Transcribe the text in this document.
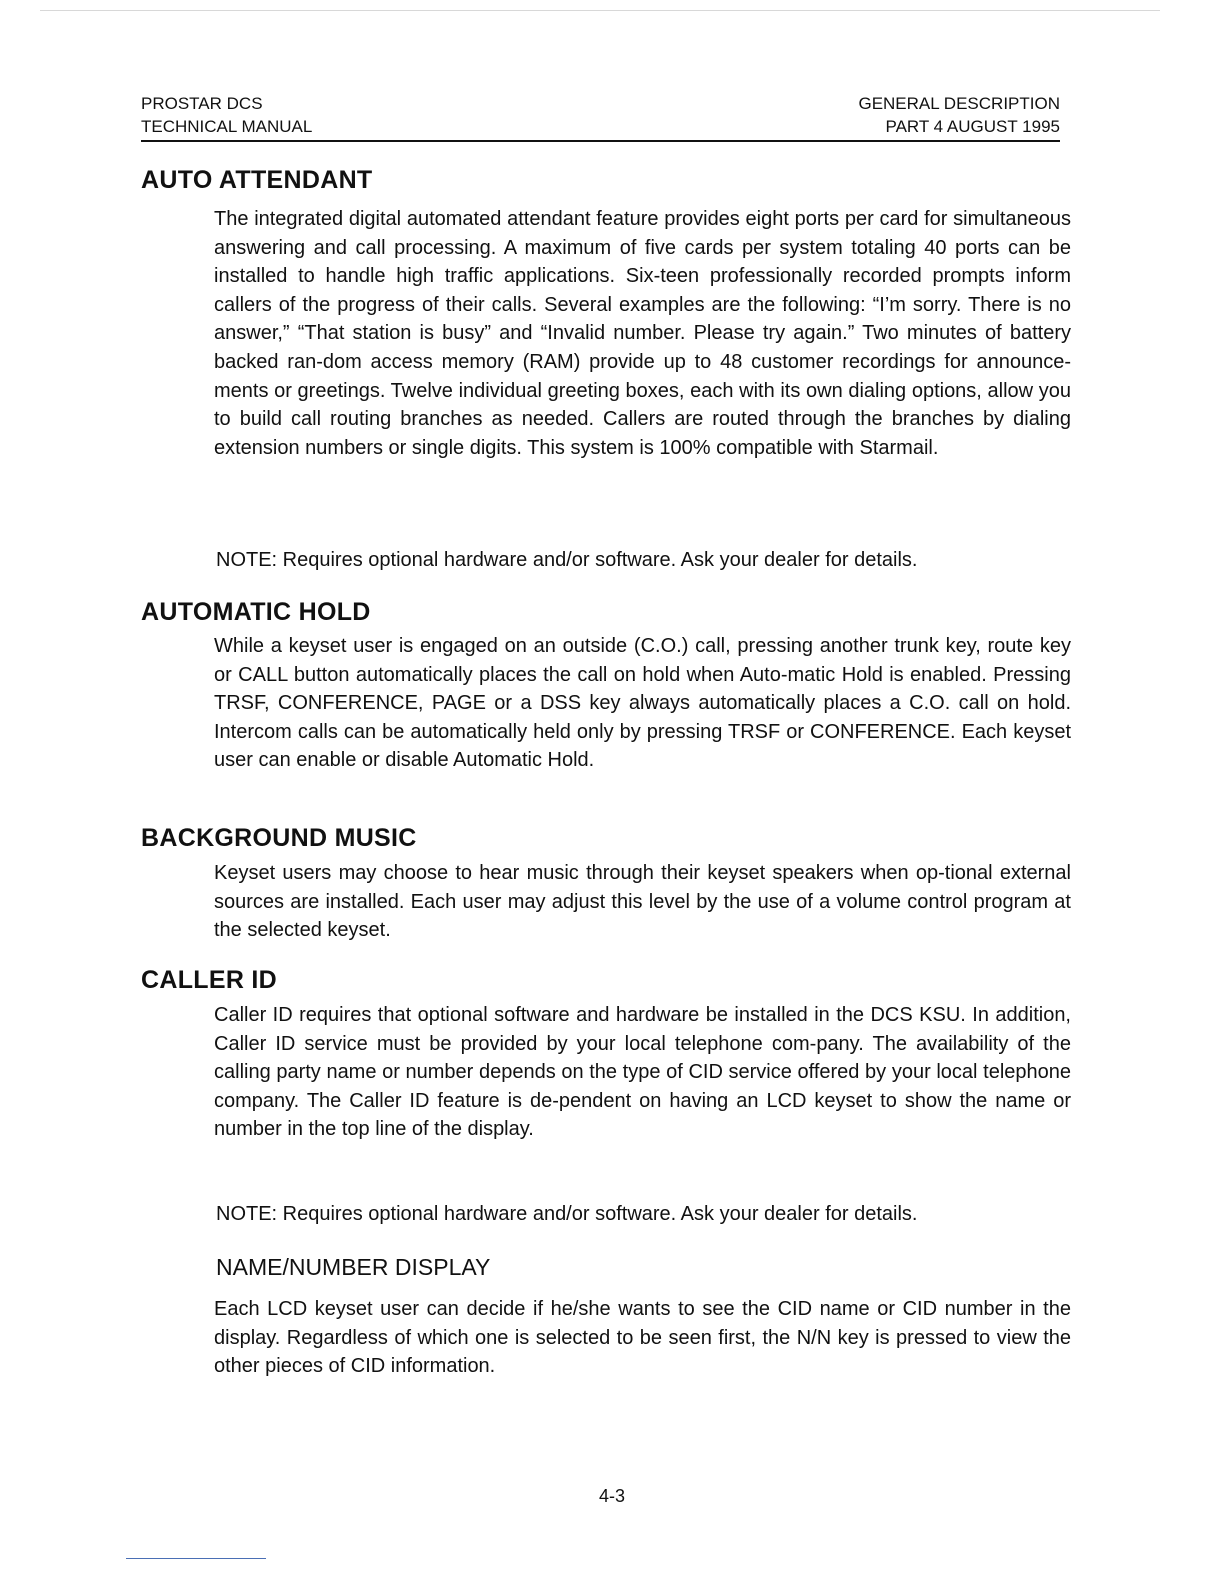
PROSTAR DCS
TECHNICAL MANUAL
GENERAL DESCRIPTION
PART 4 AUGUST 1995
AUTO ATTENDANT
The integrated digital automated attendant feature provides eight ports per card for simultaneous answering and call processing. A maximum of five cards per system totaling 40 ports can be installed to handle high traffic applications. Six-teen professionally recorded prompts inform callers of the progress of their calls. Several examples are the following: “I’m sorry. There is no answer,” “That station is busy” and “Invalid number. Please try again.” Two minutes of battery backed ran-dom access memory (RAM) provide up to 48 customer recordings for announce-ments or greetings. Twelve individual greeting boxes, each with its own dialing options, allow you to build call routing branches as needed. Callers are routed through the branches by dialing extension numbers or single digits. This system is 100% compatible with Starmail.
NOTE: Requires optional hardware and/or software. Ask your dealer for details.
AUTOMATIC HOLD
While a keyset user is engaged on an outside (C.O.) call, pressing another trunk key, route key or CALL button automatically places the call on hold when Auto-matic Hold is enabled. Pressing TRSF, CONFERENCE, PAGE or a DSS key always automatically places a C.O. call on hold. Intercom calls can be automatically held only by pressing TRSF or CONFERENCE. Each keyset user can enable or disable Automatic Hold.
BACKGROUND MUSIC
Keyset users may choose to hear music through their keyset speakers when op-tional external sources are installed. Each user may adjust this level by the use of a volume control program at the selected keyset.
CALLER ID
Caller ID requires that optional software and hardware be installed in the DCS KSU. In addition, Caller ID service must be provided by your local telephone com-pany. The availability of the calling party name or number depends on the type of CID service offered by your local telephone company. The Caller ID feature is de-pendent on having an LCD keyset to show the name or number in the top line of the display.
NOTE: Requires optional hardware and/or software. Ask your dealer for details.
NAME/NUMBER DISPLAY
Each LCD keyset user can decide if he/she wants to see the CID name or CID number in the display. Regardless of which one is selected to be seen first, the N/N key is pressed to view the other pieces of CID information.
4-3
